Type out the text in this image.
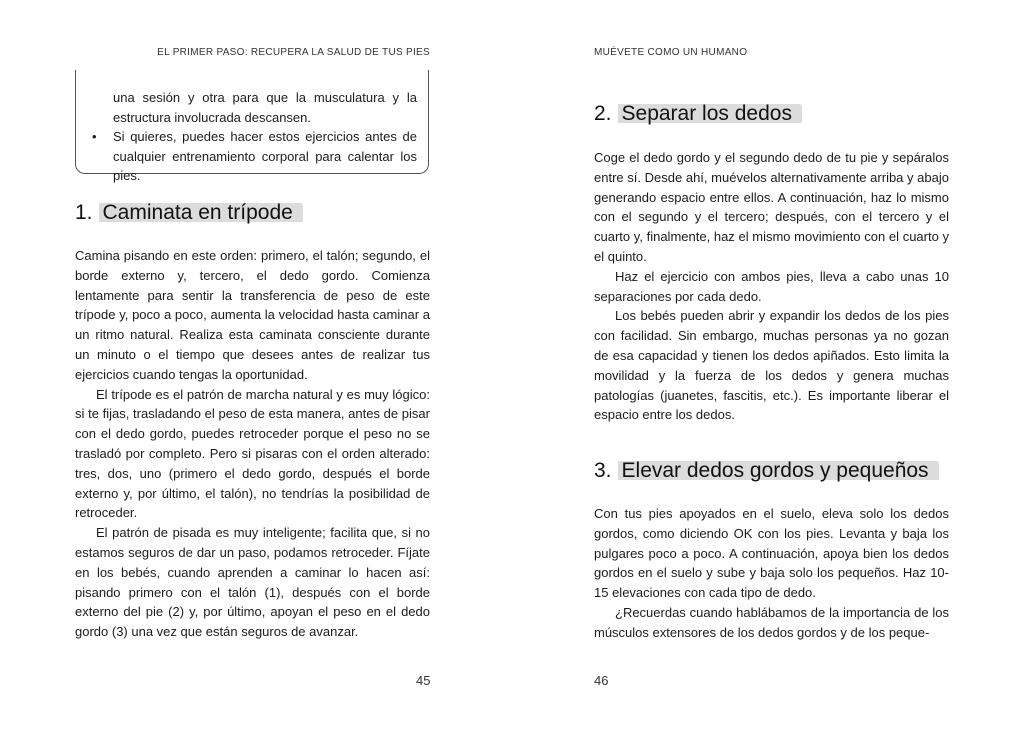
EL PRIMER PASO: RECUPERA LA SALUD DE TUS PIES
una sesión y otra para que la musculatura y la estructura involucrada descansen.
•	Si quieres, puedes hacer estos ejercicios antes de cualquier entrenamiento corporal para calentar los pies.
1. Caminata en trípode

Camina pisando en este orden: primero, el talón; segundo, el borde externo y, tercero, el dedo gordo. Comienza lentamente para sentir la transferencia de peso de este trípode y, poco a poco, aumenta la velocidad hasta caminar a un ritmo natural. Realiza esta caminata consciente durante un minuto o el tiempo que desees antes de realizar tus ejercicios cuando tengas la oportunidad.

El trípode es el patrón de marcha natural y es muy lógico: si te fijas, trasladando el peso de esta manera, antes de pisar con el dedo gordo, puedes retroceder porque el peso no se trasladó por completo. Pero si pisaras con el orden alterado: tres, dos, uno (primero el dedo gordo, después el borde externo y, por último, el talón), no tendrías la posibilidad de retroceder.

El patrón de pisada es muy inteligente; facilita que, si no estamos seguros de dar un paso, podamos retroceder. Fíjate en los bebés, cuando aprenden a caminar lo hacen así: pisando primero con el talón (1), después con el borde externo del pie (2) y, por último, apoyan el peso en el dedo gordo (3) una vez que están seguros de avanzar.

45
MUÉVETE COMO UN HUMANO
46
2. Separar los dedos

Coge el dedo gordo y el segundo dedo de tu pie y sepáralos entre sí. Desde ahí, muévelos alternativamente arriba y abajo generando espacio entre ellos. A continuación, haz lo mismo con el segundo y el tercero; después, con el tercero y el cuarto y, finalmente, haz el mismo movimiento con el cuarto y el quinto.

Haz el ejercicio con ambos pies, lleva a cabo unas 10 separaciones por cada dedo.

Los bebés pueden abrir y expandir los dedos de los pies con facilidad. Sin embargo, muchas personas ya no gozan de esa capacidad y tienen los dedos apiñados. Esto limita la movilidad y la fuerza de los dedos y genera muchas patologías (juanetes, fascitis, etc.). Es importante liberar el espacio entre los dedos.

3. Elevar dedos gordos y pequeños

Con tus pies apoyados en el suelo, eleva solo los dedos gordos, como diciendo OK con los pies. Levanta y baja los pulgares poco a poco. A continuación, apoya bien los dedos gordos en el suelo y sube y baja solo los pequeños. Haz 10-15 elevaciones con cada tipo de dedo.

¿Recuerdas cuando hablábamos de la importancia de los músculos extensores de los dedos gordos y de los peque-
